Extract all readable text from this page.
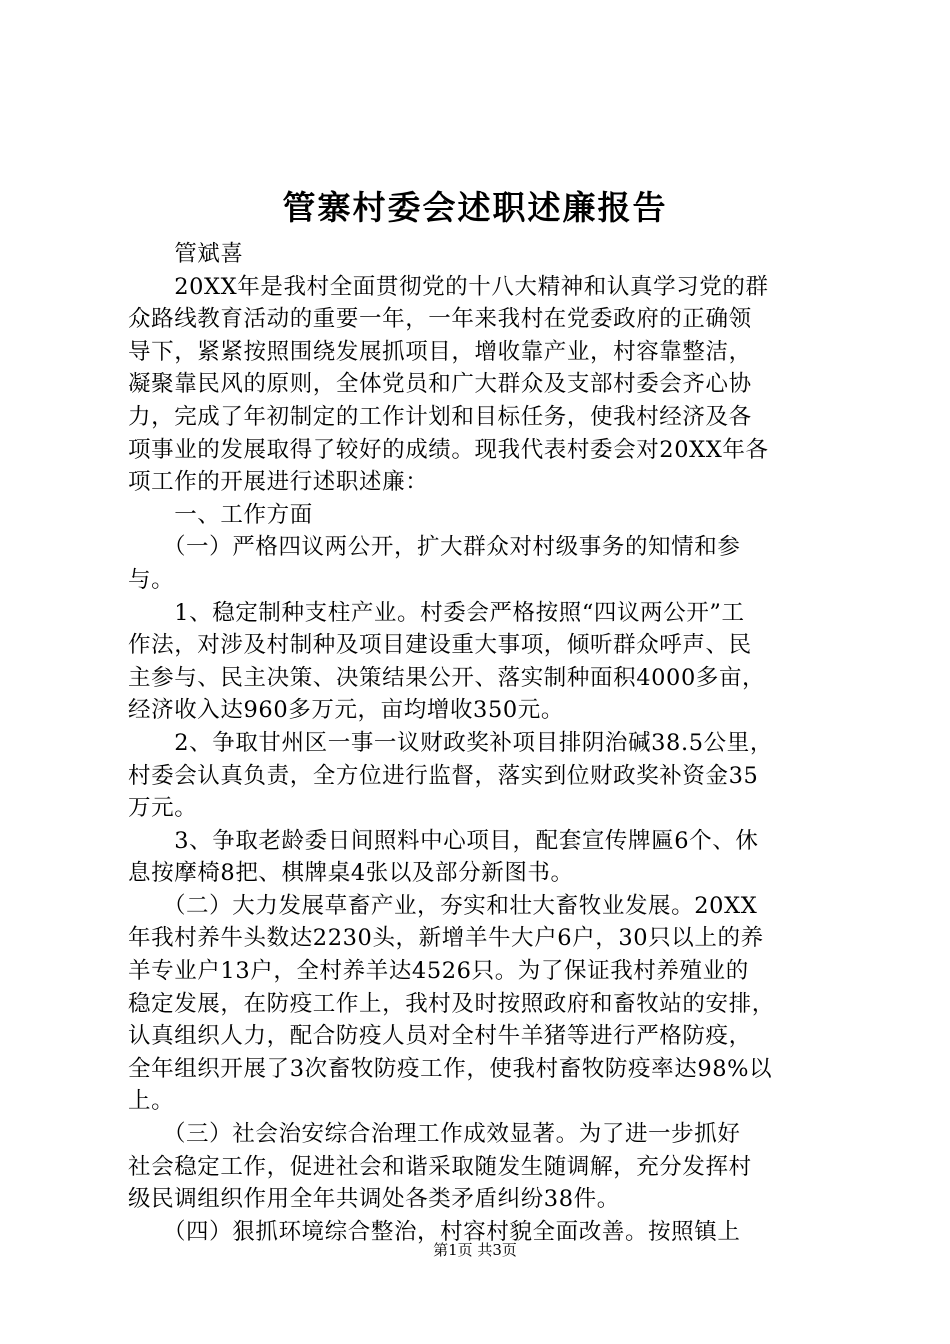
管寨村委会述职述廉报告
　　管斌喜
　　20XX年是我村全面贯彻党的十八大精神和认真学习党的群
众路线教育活动的重要一年，一年来我村在党委政府的正确领
导下，紧紧按照围绕发展抓项目，增收靠产业，村容靠整洁，
凝聚靠民风的原则，全体党员和广大群众及支部村委会齐心协
力，完成了年初制定的工作计划和目标任务，使我村经济及各
项事业的发展取得了较好的成绩。现我代表村委会对20XX年各
项工作的开展进行述职述廉：
　　一、工作方面
　　（一）严格四议两公开，扩大群众对村级事务的知情和参
与。
　　1、稳定制种支柱产业。村委会严格按照“四议两公开”工
作法，对涉及村制种及项目建设重大事项，倾听群众呼声、民
主参与、民主决策、决策结果公开、落实制种面积4000多亩，
经济收入达960多万元，亩均增收350元。
　　2、争取甘州区一事一议财政奖补项目排阴治碱38.5公里，
村委会认真负责，全方位进行监督，落实到位财政奖补资金35
万元。
　　3、争取老龄委日间照料中心项目，配套宣传牌匾6个、休
息按摩椅8把、棋牌桌4张以及部分新图书。
　　（二）大力发展草畜产业，夯实和壮大畜牧业发展。20XX
年我村养牛头数达2230头，新增羊牛大户6户，30只以上的养
羊专业户13户，全村养羊达4526只。为了保证我村养殖业的
稳定发展，在防疫工作上，我村及时按照政府和畜牧站的安排，
认真组织人力，配合防疫人员对全村牛羊猪等进行严格防疫，
全年组织开展了3次畜牧防疫工作，使我村畜牧防疫率达98%以
上。
　　（三）社会治安综合治理工作成效显著。为了进一步抓好
社会稳定工作，促进社会和谐采取随发生随调解，充分发挥村
级民调组织作用全年共调处各类矛盾纠纷38件。
　　（四）狠抓环境综合整治，村容村貌全面改善。按照镇上
第1页 共3页
